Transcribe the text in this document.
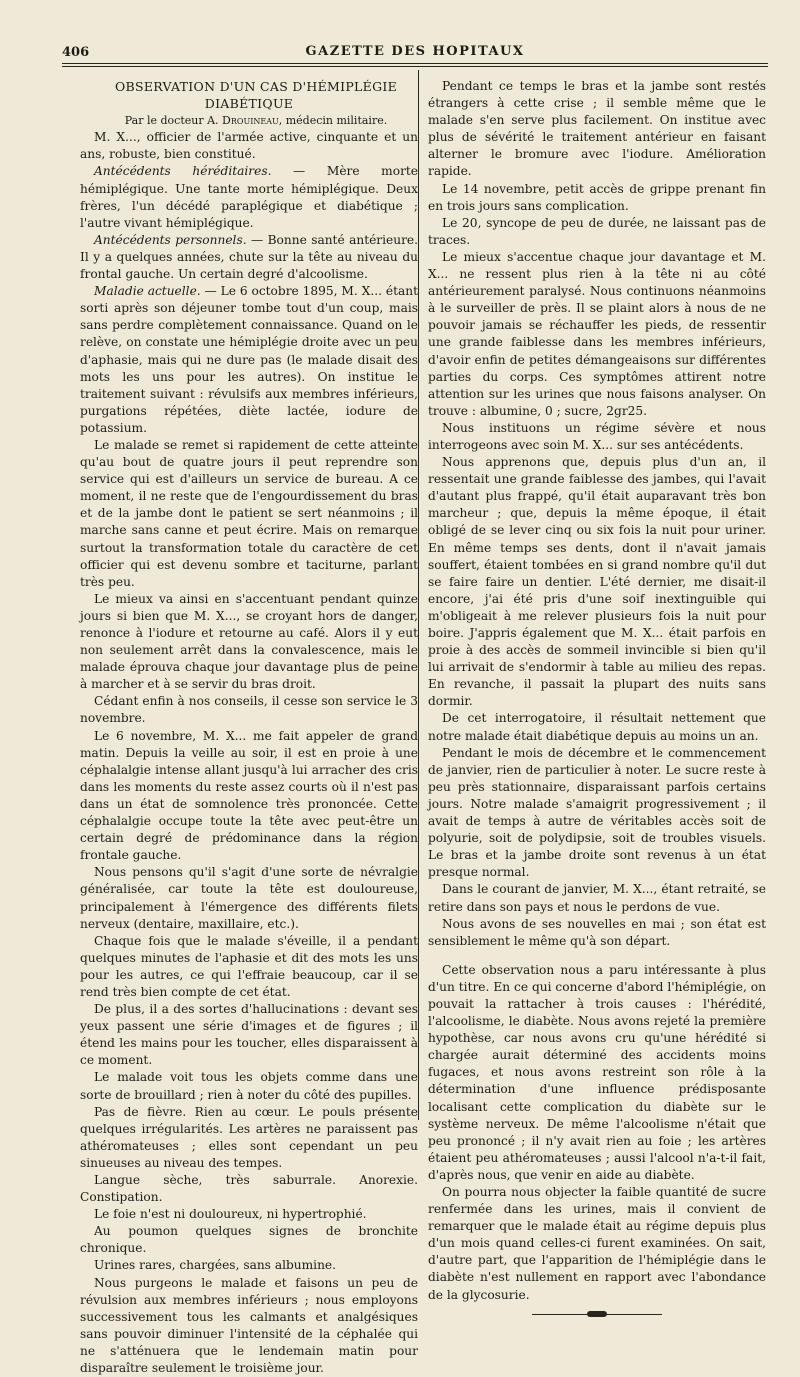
406	GAZETTE DES HOPITAUX

OBSERVATION D'UN CAS D'HÉMIPLÉGIE DIABÉTIQUE

Par le docteur A. Drouineau, médecin militaire.

M. X..., officier de l'armée active, cinquante et un ans, robuste, bien constitué.

Antécédents héréditaires. — Mère morte hémiplégique. Une tante morte hémiplégique. Deux frères, l'un décédé paraplégique et diabétique ; l'autre vivant hémiplégique.

Antécédents personnels. — Bonne santé antérieure. Il y a quelques années, chute sur la tête au niveau du frontal gauche. Un certain degré d'alcoolisme.

Maladie actuelle. — Le 6 octobre 1895, M. X... étant sorti après son déjeuner tombe tout d'un coup, mais sans perdre complètement connaissance. Quand on le relève, on constate une hémiplégie droite avec un peu d'aphasie, mais qui ne dure pas (le malade disait des mots les uns pour les autres). On institue le traitement suivant : révulsifs aux membres inférieurs, purgations répétées, diète lactée, iodure de potassium.

Le malade se remet si rapidement de cette atteinte qu'au bout de quatre jours il peut reprendre son service qui est d'ailleurs un service de bureau. A ce moment, il ne reste que de l'engourdissement du bras et de la jambe dont le patient se sert néanmoins ; il marche sans canne et peut écrire. Mais on remarque surtout la transformation totale du caractère de cet officier qui est devenu sombre et taciturne, parlant très peu.

Le mieux va ainsi en s'accentuant pendant quinze jours si bien que M. X..., se croyant hors de danger, renonce à l'iodure et retourne au café. Alors il y eut non seulement arrêt dans la convalescence, mais le malade éprouva chaque jour davantage plus de peine à marcher et à se servir du bras droit.

Cédant enfin à nos conseils, il cesse son service le 3 novembre.

Le 6 novembre, M. X... me fait appeler de grand matin. Depuis la veille au soir, il est en proie à une céphalalgie intense allant jusqu'à lui arracher des cris dans les moments du reste assez courts où il n'est pas dans un état de somnolence très prononcée. Cette céphalalgie occupe toute la tête avec peut-être un certain degré de prédominance dans la région frontale gauche.

Nous pensons qu'il s'agit d'une sorte de névralgie généralisée, car toute la tête est douloureuse, principalement à l'émergence des différents filets nerveux (dentaire, maxillaire, etc.).

Chaque fois que le malade s'éveille, il a pendant quelques minutes de l'aphasie et dit des mots les uns pour les autres, ce qui l'effraie beaucoup, car il se rend très bien compte de cet état.

De plus, il a des sortes d'hallucinations : devant ses yeux passent une série d'images et de figures ; il étend les mains pour les toucher, elles disparaissent à ce moment.

Le malade voit tous les objets comme dans une sorte de brouillard ; rien à noter du côté des pupilles.

Pas de fièvre. Rien au cœur. Le pouls présente quelques irrégularités. Les artères ne paraissent pas athéromateuses ; elles sont cependant un peu sinueuses au niveau des tempes.

Langue sèche, très saburrale. Anorexie. Constipation.

Le foie n'est ni douloureux, ni hypertrophié.

Au poumon quelques signes de bronchite chronique.

Urines rares, chargées, sans albumine.

Nous purgeons le malade et faisons un peu de révulsion aux membres inférieurs ; nous employons successivement tous les calmants et analgésiques sans pouvoir diminuer l'intensité de la céphalée qui ne s'atténuera que le lendemain matin pour disparaître seulement le troisième jour.

Pendant ce temps le bras et la jambe sont restés étrangers à cette crise ; il semble même que le malade s'en serve plus facilement. On institue avec plus de sévérité le traitement antérieur en faisant alterner le bromure avec l'iodure. Amélioration rapide.

Le 14 novembre, petit accès de grippe prenant fin en trois jours sans complication.

Le 20, syncope de peu de durée, ne laissant pas de traces.

Le mieux s'accentue chaque jour davantage et M. X... ne ressent plus rien à la tête ni au côté antérieurement paralysé. Nous continuons néanmoins à le surveiller de près. Il se plaint alors à nous de ne pouvoir jamais se réchauffer les pieds, de ressentir une grande faiblesse dans les membres inférieurs, d'avoir enfin de petites démangeaisons sur différentes parties du corps. Ces symptômes attirent notre attention sur les urines que nous faisons analyser. On trouve : albumine, 0 ; sucre, 2gr25.

Nous instituons un régime sévère et nous interrogeons avec soin M. X... sur ses antécédents.

Nous apprenons que, depuis plus d'un an, il ressentait une grande faiblesse des jambes, qui l'avait d'autant plus frappé, qu'il était auparavant très bon marcheur ; que, depuis la même époque, il était obligé de se lever cinq ou six fois la nuit pour uriner. En même temps ses dents, dont il n'avait jamais souffert, étaient tombées en si grand nombre qu'il dut se faire faire un dentier. L'été dernier, me disait-il encore, j'ai été pris d'une soif inextinguible qui m'obligeait à me relever plusieurs fois la nuit pour boire. J'appris également que M. X... était parfois en proie à des accès de sommeil invincible si bien qu'il lui arrivait de s'endormir à table au milieu des repas. En revanche, il passait la plupart des nuits sans dormir.

De cet interrogatoire, il résultait nettement que notre malade était diabétique depuis au moins un an.

Pendant le mois de décembre et le commencement de janvier, rien de particulier à noter. Le sucre reste à peu près stationnaire, disparaissant parfois certains jours. Notre malade s'amaigrit progressivement ; il avait de temps à autre de véritables accès soit de polyurie, soit de polydipsie, soit de troubles visuels. Le bras et la jambe droite sont revenus à un état presque normal.

Dans le courant de janvier, M. X..., étant retraité, se retire dans son pays et nous le perdons de vue.

Nous avons de ses nouvelles en mai ; son état est sensiblement le même qu'à son départ.

Cette observation nous a paru intéressante à plus d'un titre. En ce qui concerne d'abord l'hémiplégie, on pouvait la rattacher à trois causes : l'hérédité, l'alcoolisme, le diabète. Nous avons rejeté la première hypothèse, car nous avons cru qu'une hérédité si chargée aurait déterminé des accidents moins fugaces, et nous avons restreint son rôle à la détermination d'une influence prédisposante localisant cette complication du diabète sur le système nerveux. De même l'alcoolisme n'était que peu prononcé ; il n'y avait rien au foie ; les artères étaient peu athéromateuses ; aussi l'alcool n'a-t-il fait, d'après nous, que venir en aide au diabète.

On pourra nous objecter la faible quantité de sucre renfermée dans les urines, mais il convient de remarquer que le malade était au régime depuis plus d'un mois quand celles-ci furent examinées. On sait, d'autre part, que l'apparition de l'hémiplégie dans le diabète n'est nullement en rapport avec l'abondance de la glycosurie.
